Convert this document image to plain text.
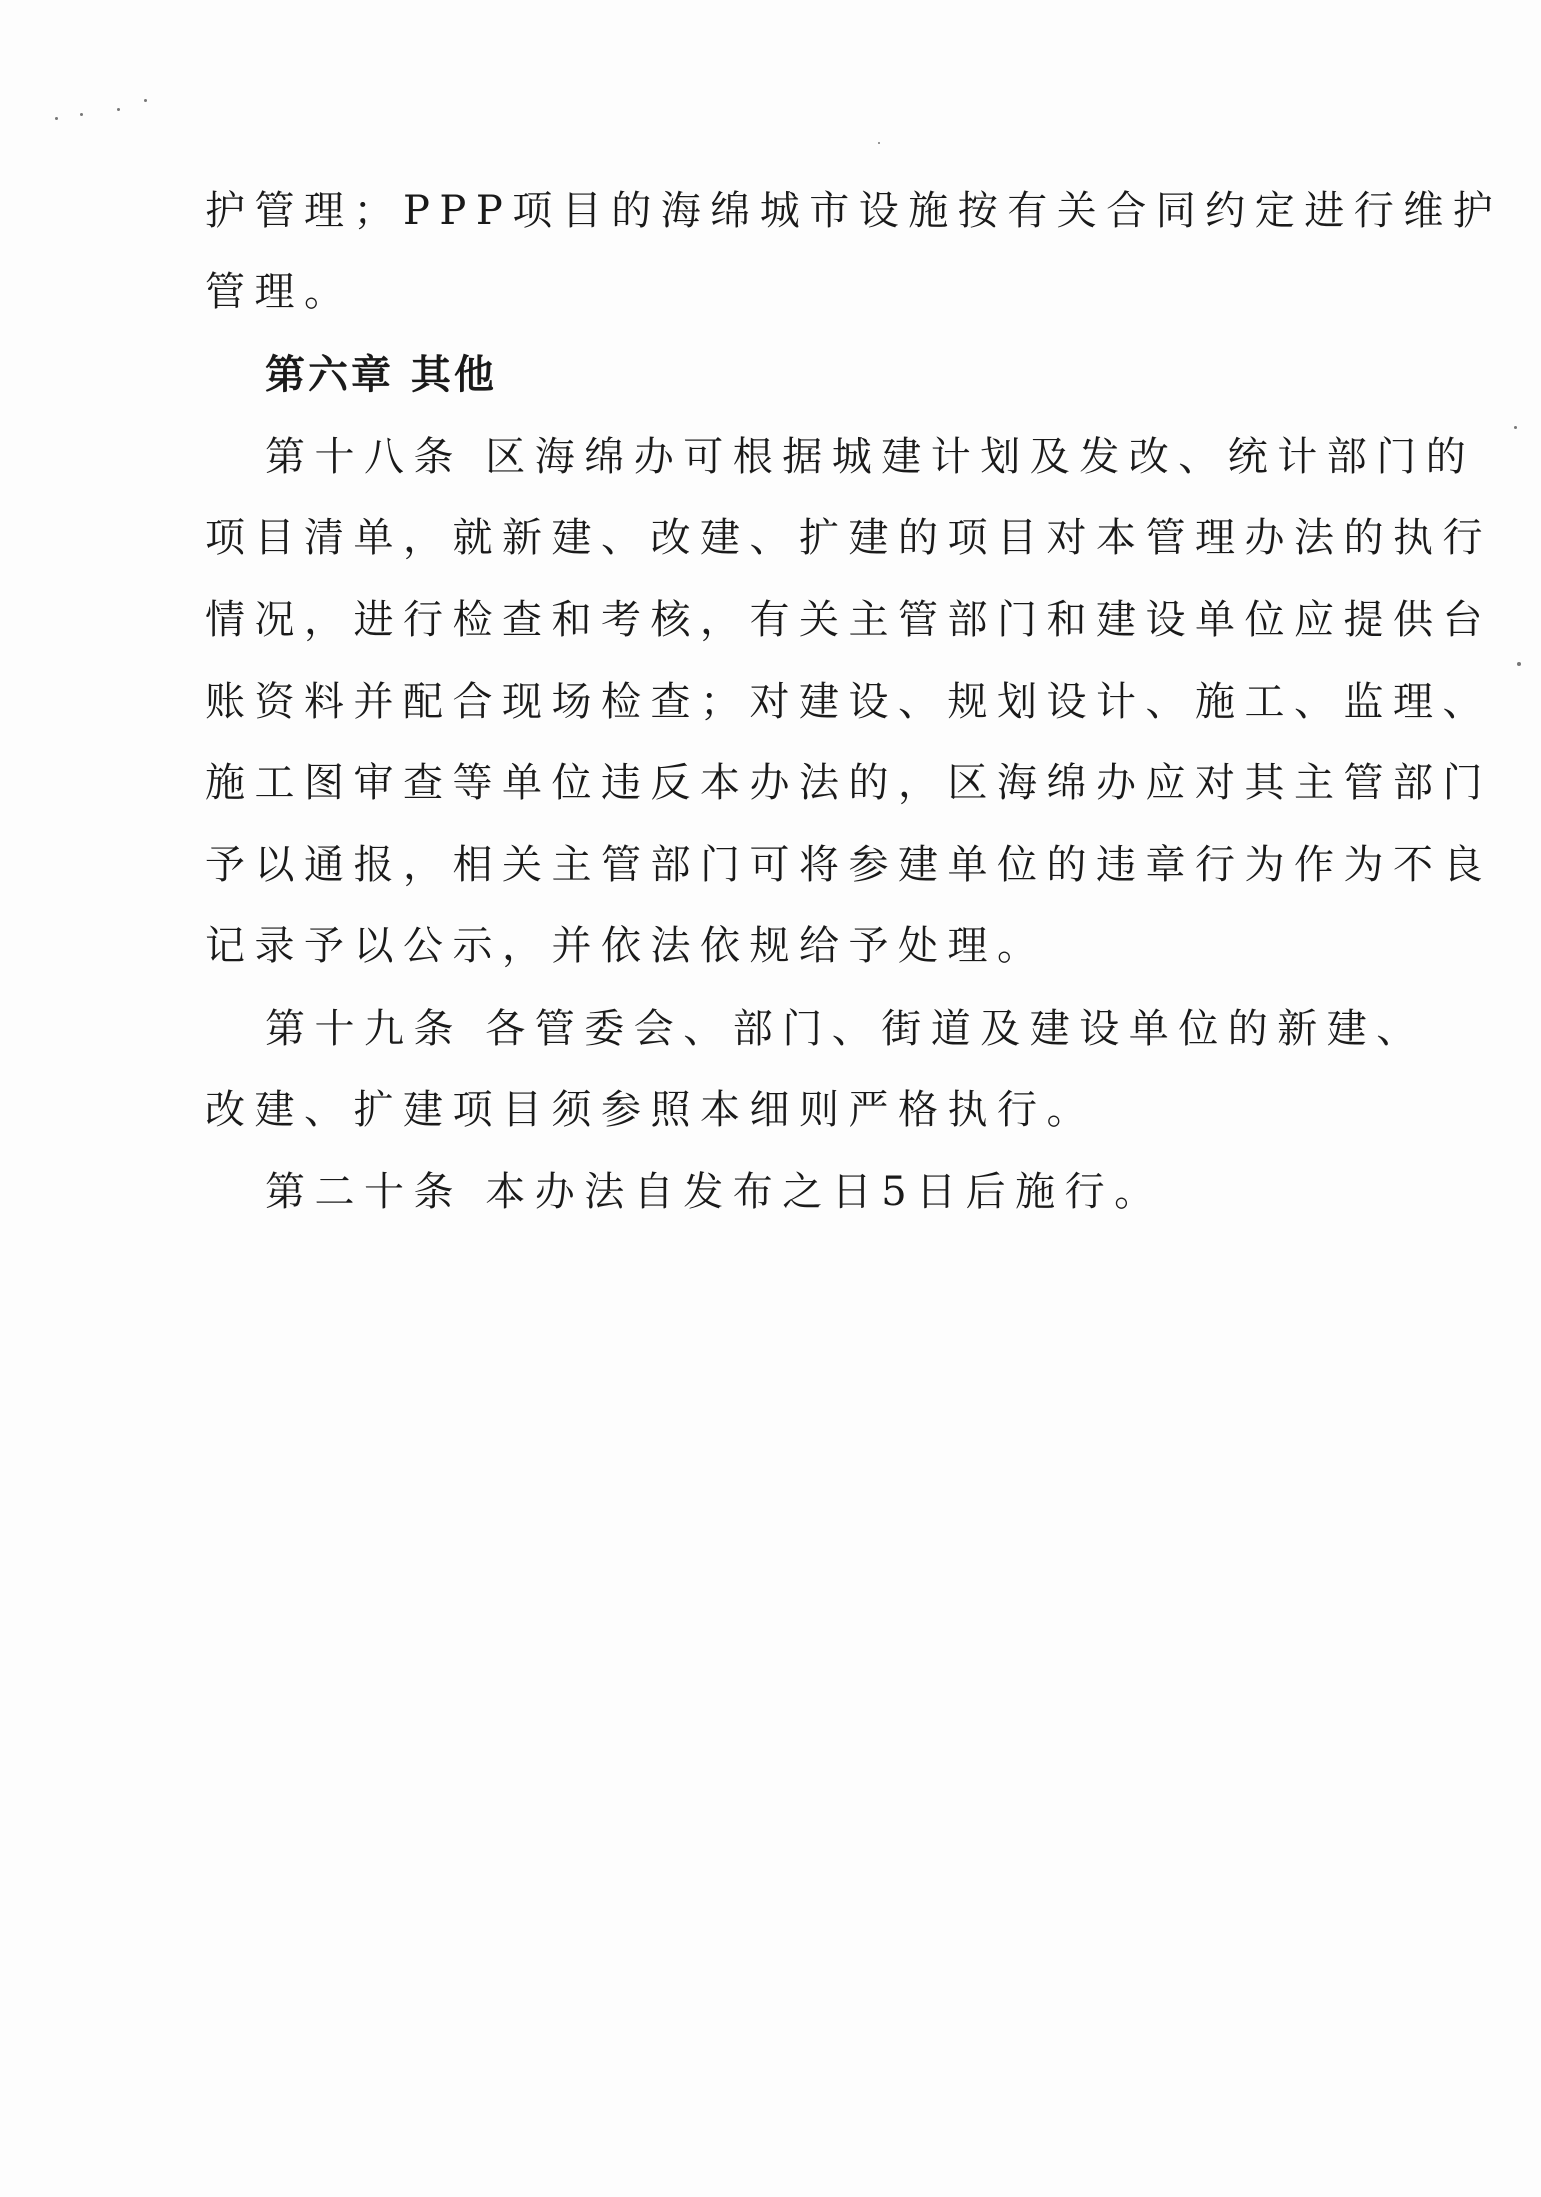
护管理；PPP项目的海绵城市设施按有关合同约定进行维护
管理。
第六章 其他
第十八条 区海绵办可根据城建计划及发改、统计部门的
项目清单，就新建、改建、扩建的项目对本管理办法的执行
情况，进行检查和考核，有关主管部门和建设单位应提供台
账资料并配合现场检查；对建设、规划设计、施工、监理、
施工图审查等单位违反本办法的，区海绵办应对其主管部门
予以通报，相关主管部门可将参建单位的违章行为作为不良
记录予以公示，并依法依规给予处理。
第十九条 各管委会、部门、街道及建设单位的新建、
改建、扩建项目须参照本细则严格执行。
第二十条 本办法自发布之日5日后施行。
